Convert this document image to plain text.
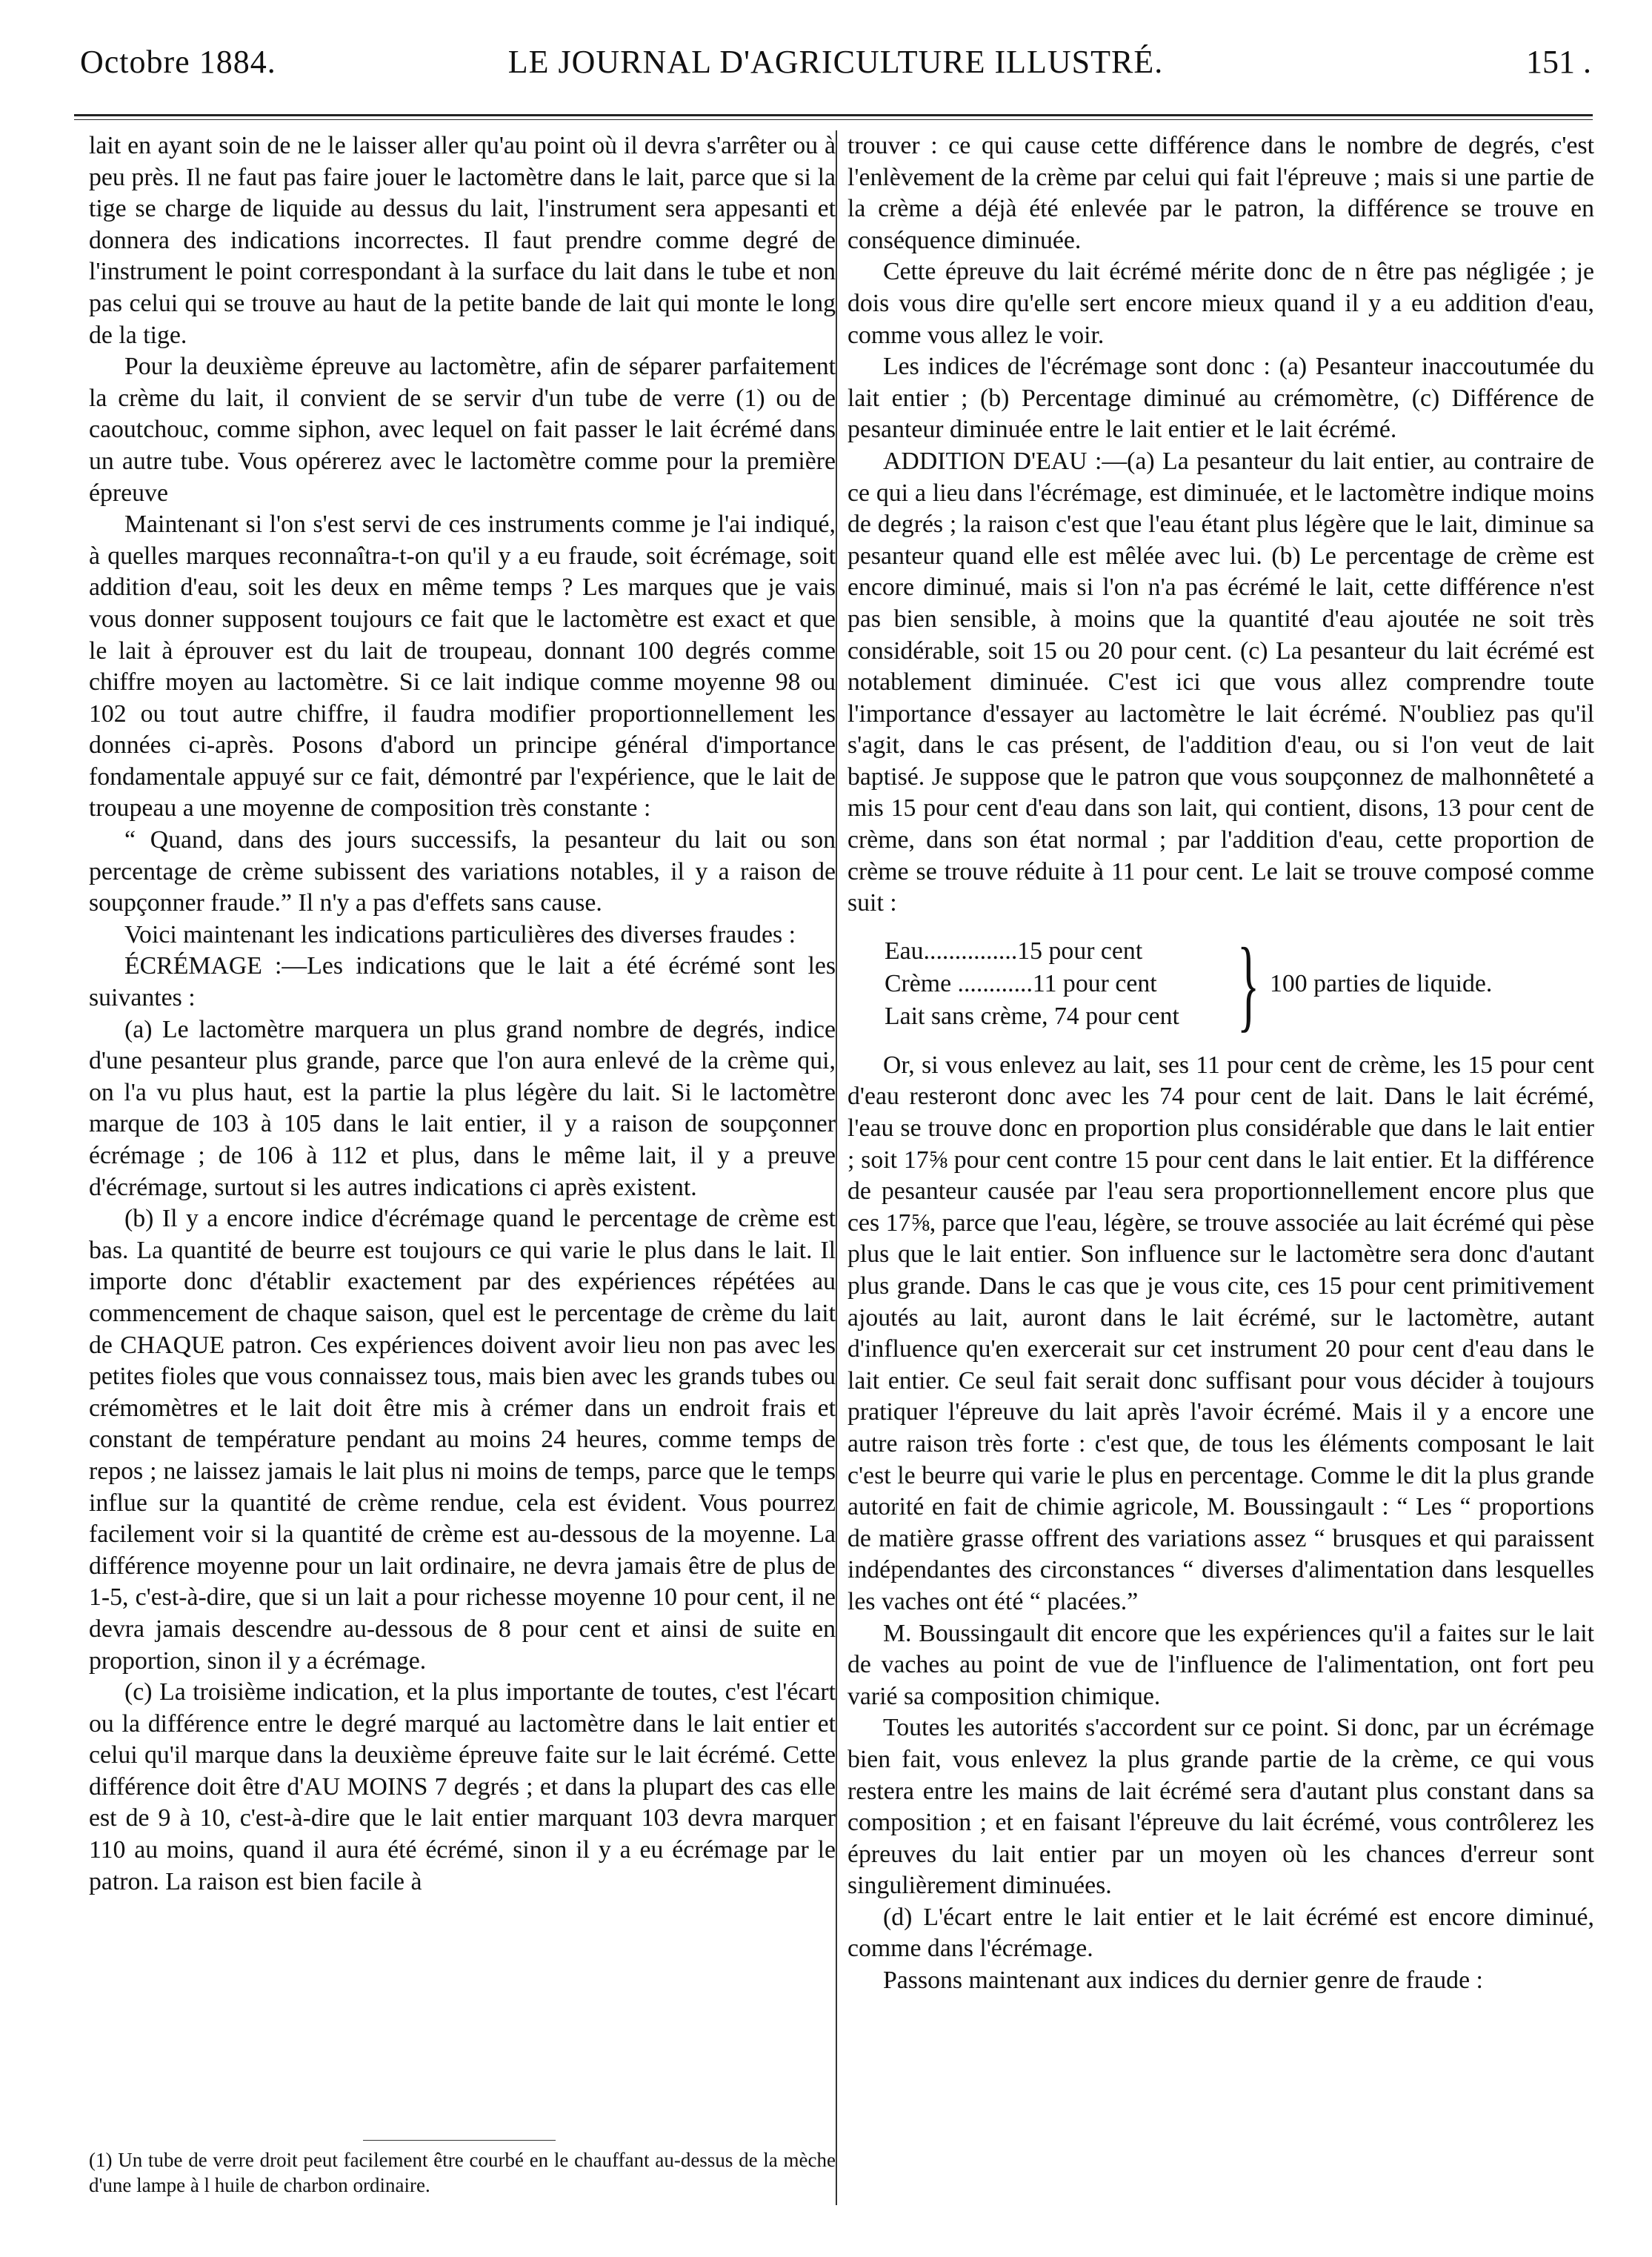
Octobre 1884.	LE JOURNAL D'AGRICULTURE ILLUSTRÉ.	151 .

lait en ayant soin de ne le laisser aller qu'au point où il devra s'arrêter ou à peu près. Il ne faut pas faire jouer le lactomètre dans le lait, parce que si la tige se charge de liquide au dessus du lait, l'instrument sera appesanti et donnera des indications incorrectes. Il faut prendre comme degré de l'instrument le point correspondant à la surface du lait dans le tube et non pas celui qui se trouve au haut de la petite bande de lait qui monte le long de la tige.

Pour la deuxième épreuve au lactomètre, afin de séparer parfaitement la crème du lait, il convient de se servir d'un tube de verre (1) ou de caoutchouc, comme siphon, avec lequel on fait passer le lait écrémé dans un autre tube. Vous opérerez avec le lactomètre comme pour la première épreuve

Maintenant si l'on s'est servi de ces instruments comme je l'ai indiqué, à quelles marques reconnaîtra-t-on qu'il y a eu fraude, soit écrémage, soit addition d'eau, soit les deux en même temps ? Les marques que je vais vous donner supposent toujours ce fait que le lactomètre est exact et que le lait à éprouver est du lait de troupeau, donnant 100 degrés comme chiffre moyen au lactomètre. Si ce lait indique comme moyenne 98 ou 102 ou tout autre chiffre, il faudra modifier proportionnellement les données ci-après. Posons d'abord un principe général d'importance fondamentale appuyé sur ce fait, démontré par l'expérience, que le lait de troupeau a une moyenne de composition très constante :

“ Quand, dans des jours successifs, la pesanteur du lait ou son percentage de crème subissent des variations notables, il y a raison de soupçonner fraude.” Il n'y a pas d'effets sans cause.

Voici maintenant les indications particulières des diverses fraudes :

ÉCRÉMAGE :—Les indications que le lait a été écrémé sont les suivantes :

(a) Le lactomètre marquera un plus grand nombre de degrés, indice d'une pesanteur plus grande, parce que l'on aura enlevé de la crème qui, on l'a vu plus haut, est la partie la plus légère du lait. Si le lactomètre marque de 103 à 105 dans le lait entier, il y a raison de soupçonner écrémage ; de 106 à 112 et plus, dans le même lait, il y a preuve d'écrémage, surtout si les autres indications ci après existent.

(b) Il y a encore indice d'écrémage quand le percentage de crème est bas. La quantité de beurre est toujours ce qui varie le plus dans le lait. Il importe donc d'établir exactement par des expériences répétées au commencement de chaque saison, quel est le percentage de crème du lait de CHAQUE patron. Ces expériences doivent avoir lieu non pas avec les petites fioles que vous connaissez tous, mais bien avec les grands tubes ou crémomètres et le lait doit être mis à crémer dans un endroit frais et constant de température pendant au moins 24 heures, comme temps de repos ; ne laissez jamais le lait plus ni moins de temps, parce que le temps influe sur la quantité de crème rendue, cela est évident. Vous pourrez facilement voir si la quantité de crème est au-dessous de la moyenne. La différence moyenne pour un lait ordinaire, ne devra jamais être de plus de 1-5, c'est-à-dire, que si un lait a pour richesse moyenne 10 pour cent, il ne devra jamais descendre au-dessous de 8 pour cent et ainsi de suite en proportion, sinon il y a écrémage.

(c) La troisième indication, et la plus importante de toutes, c'est l'écart ou la différence entre le degré marqué au lactomètre dans le lait entier et celui qu'il marque dans la deuxième épreuve faite sur le lait écrémé. Cette différence doit être d'AU MOINS 7 degrés ; et dans la plupart des cas elle est de 9 à 10, c'est-à-dire que le lait entier marquant 103 devra marquer 110 au moins, quand il aura été écrémé, sinon il y a eu écrémage par le patron. La raison est bien facile à

trouver : ce qui cause cette différence dans le nombre de degrés, c'est l'enlèvement de la crème par celui qui fait l'épreuve ; mais si une partie de la crème a déjà été enlevée par le patron, la différence se trouve en conséquence diminuée.

Cette épreuve du lait écrémé mérite donc de n être pas négligée ; je dois vous dire qu'elle sert encore mieux quand il y a eu addition d'eau, comme vous allez le voir.

Les indices de l'écrémage sont donc : (a) Pesanteur inaccoutumée du lait entier ; (b) Percentage diminué au crémomètre, (c) Différence de pesanteur diminuée entre le lait entier et le lait écrémé.

ADDITION D'EAU :—(a) La pesanteur du lait entier, au contraire de ce qui a lieu dans l'écrémage, est diminuée, et le lactomètre indique moins de degrés ; la raison c'est que l'eau étant plus légère que le lait, diminue sa pesanteur quand elle est mêlée avec lui. (b) Le percentage de crème est encore diminué, mais si l'on n'a pas écrémé le lait, cette différence n'est pas bien sensible, à moins que la quantité d'eau ajoutée ne soit très considérable, soit 15 ou 20 pour cent. (c) La pesanteur du lait écrémé est notablement diminuée. C'est ici que vous allez comprendre toute l'importance d'essayer au lactomètre le lait écrémé. N'oubliez pas qu'il s'agit, dans le cas présent, de l'addition d'eau, ou si l'on veut de lait baptisé. Je suppose que le patron que vous soupçonnez de malhonnêteté a mis 15 pour cent d'eau dans son lait, qui contient, disons, 13 pour cent de crème, dans son état normal ; par l'addition d'eau, cette proportion de crème se trouve réduite à 11 pour cent. Le lait se trouve composé comme suit :

Eau...............15 pour cent
Crème ............11 pour cent
Lait sans crème, 74 pour cent } 100 parties de liquide.

Or, si vous enlevez au lait, ses 11 pour cent de crème, les 15 pour cent d'eau resteront donc avec les 74 pour cent de lait. Dans le lait écrémé, l'eau se trouve donc en proportion plus considérable que dans le lait entier ; soit 17⅝ pour cent contre 15 pour cent dans le lait entier. Et la différence de pesanteur causée par l'eau sera proportionnellement encore plus que ces 17⅝, parce que l'eau, légère, se trouve associée au lait écrémé qui pèse plus que le lait entier. Son influence sur le lactomètre sera donc d'autant plus grande. Dans le cas que je vous cite, ces 15 pour cent primitivement ajoutés au lait, auront dans le lait écrémé, sur le lactomètre, autant d'influence qu'en exercerait sur cet instrument 20 pour cent d'eau dans le lait entier. Ce seul fait serait donc suffisant pour vous décider à toujours pratiquer l'épreuve du lait après l'avoir écrémé. Mais il y a encore une autre raison très forte : c'est que, de tous les éléments composant le lait c'est le beurre qui varie le plus en percentage. Comme le dit la plus grande autorité en fait de chimie agricole, M. Boussingault : “ Les “ proportions de matière grasse offrent des variations assez “ brusques et qui paraissent indépendantes des circonstances “ diverses d'alimentation dans lesquelles les vaches ont été “ placées.”

M. Boussingault dit encore que les expériences qu'il a faites sur le lait de vaches au point de vue de l'influence de l'alimentation, ont fort peu varié sa composition chimique.

Toutes les autorités s'accordent sur ce point. Si donc, par un écrémage bien fait, vous enlevez la plus grande partie de la crème, ce qui vous restera entre les mains de lait écrémé sera d'autant plus constant dans sa composition ; et en faisant l'épreuve du lait écrémé, vous contrôlerez les épreuves du lait entier par un moyen où les chances d'erreur sont singulièrement diminuées.

(d) L'écart entre le lait entier et le lait écrémé est encore diminué, comme dans l'écrémage.

Passons maintenant aux indices du dernier genre de fraude :

(1) Un tube de verre droit peut facilement être courbé en le chauffant au-dessus de la mèche d'une lampe à l huile de charbon ordinaire.
